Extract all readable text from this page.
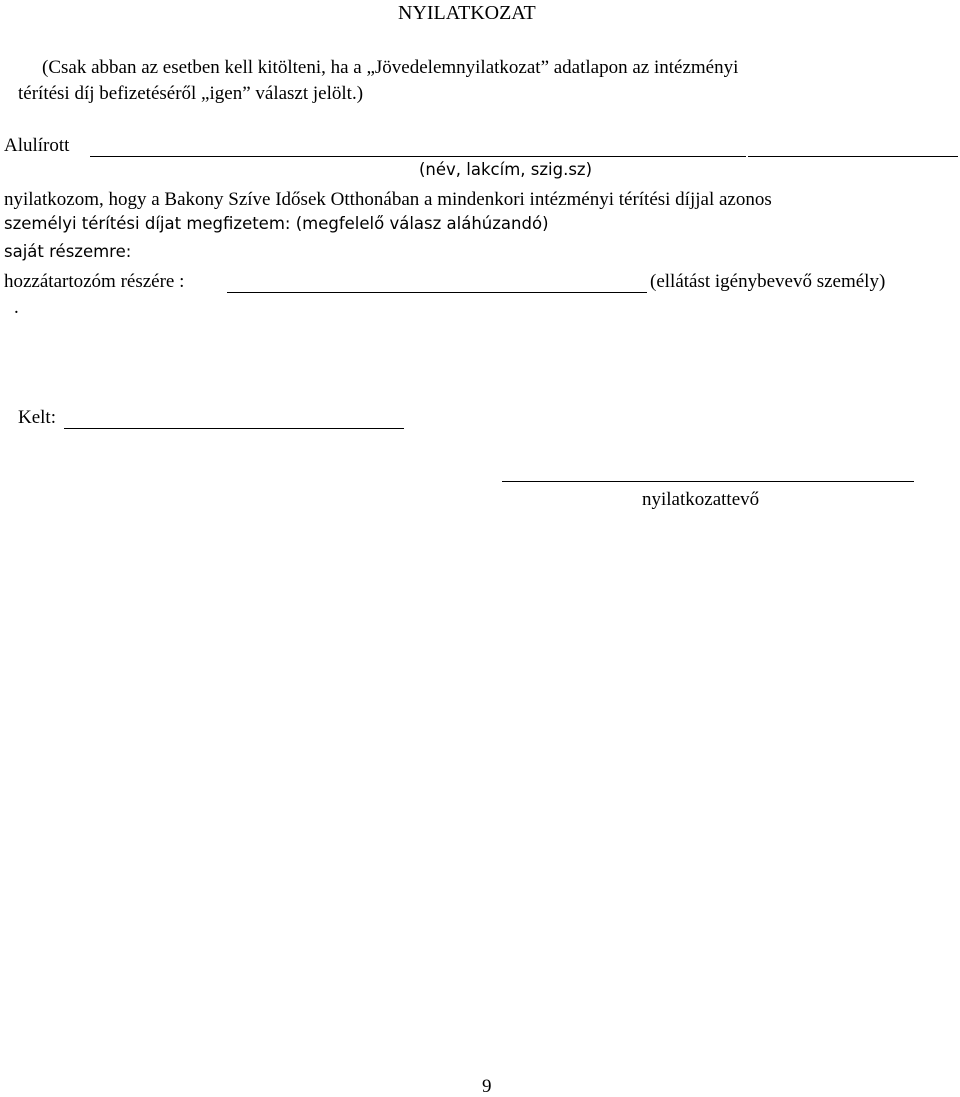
NYILATKOZAT
(Csak abban az esetben kell kitölteni, ha a „Jövedelemnyilatkozat” adatlapon az intézményi
térítési díj befizetéséről „igen” választ jelölt.)
Alulírott
(név, lakcím, szig.sz)
nyilatkozom, hogy a Bakony Szíve Idősek Otthonában a mindenkori intézményi térítési díjjal azonos
személyi térítési díjat megfizetem: (megfelelő válasz aláhúzandó)
saját részemre:
hozzátartozóm részére :	(ellátást igénybevevő személy)
.
Kelt:
nyilatkozattevő
9
